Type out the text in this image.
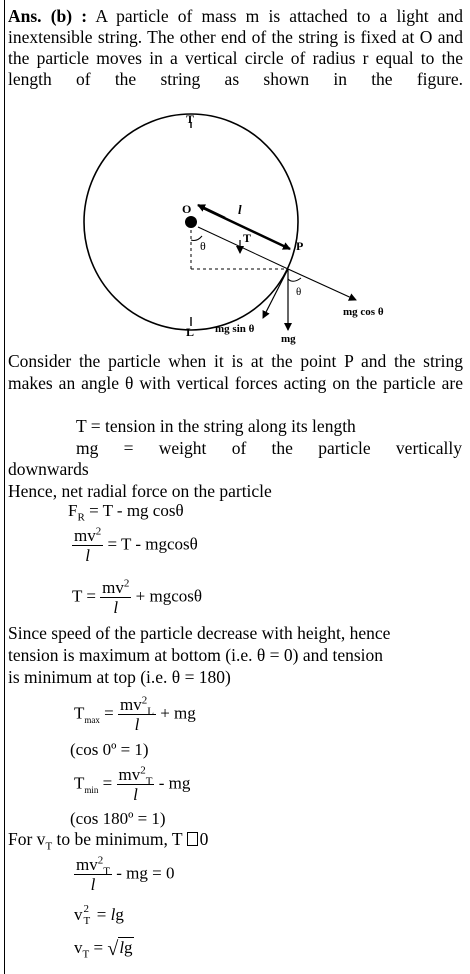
Ans. (b) : A particle of mass m is attached to a light and inextensible string. The other end of the string is fixed at O and the particle moves in a vertical circle of radius r equal to the length of the string as shown in the figure.
T
L
O
θ
l
P
T
mg cos θ
mg
mg sin θ
θ
Consider the particle when it is at the point P and the string makes an angle θ with vertical forces acting on the particle are
T = tension in the string along its length
mg = weight of the particle vertically
downwards
Hence, net radial force on the particle
$F_R = T$ - mg cosθ
$\frac{mv^2}{l} = T - mgcos\theta$
$T = \frac{mv^2}{l} + mgcos\theta$
Since speed of the particle decrease with height, hence
tension is maximum at bottom (i.e. θ = 0) and tension
is minimum at top (i.e. θ = 180)
$T_{max} = \frac{mv^2_L}{l}$ + mg
(cos 0º = 1)
$T_{min} = \frac{mv^2_T}{l}$ - mg
(cos 180º = 1)
For $v_T$ to be minimum, T 0
$\frac{mv^2_T}{l}$ - mg = 0
v 2
T = lg
$v_T = √\lg$
